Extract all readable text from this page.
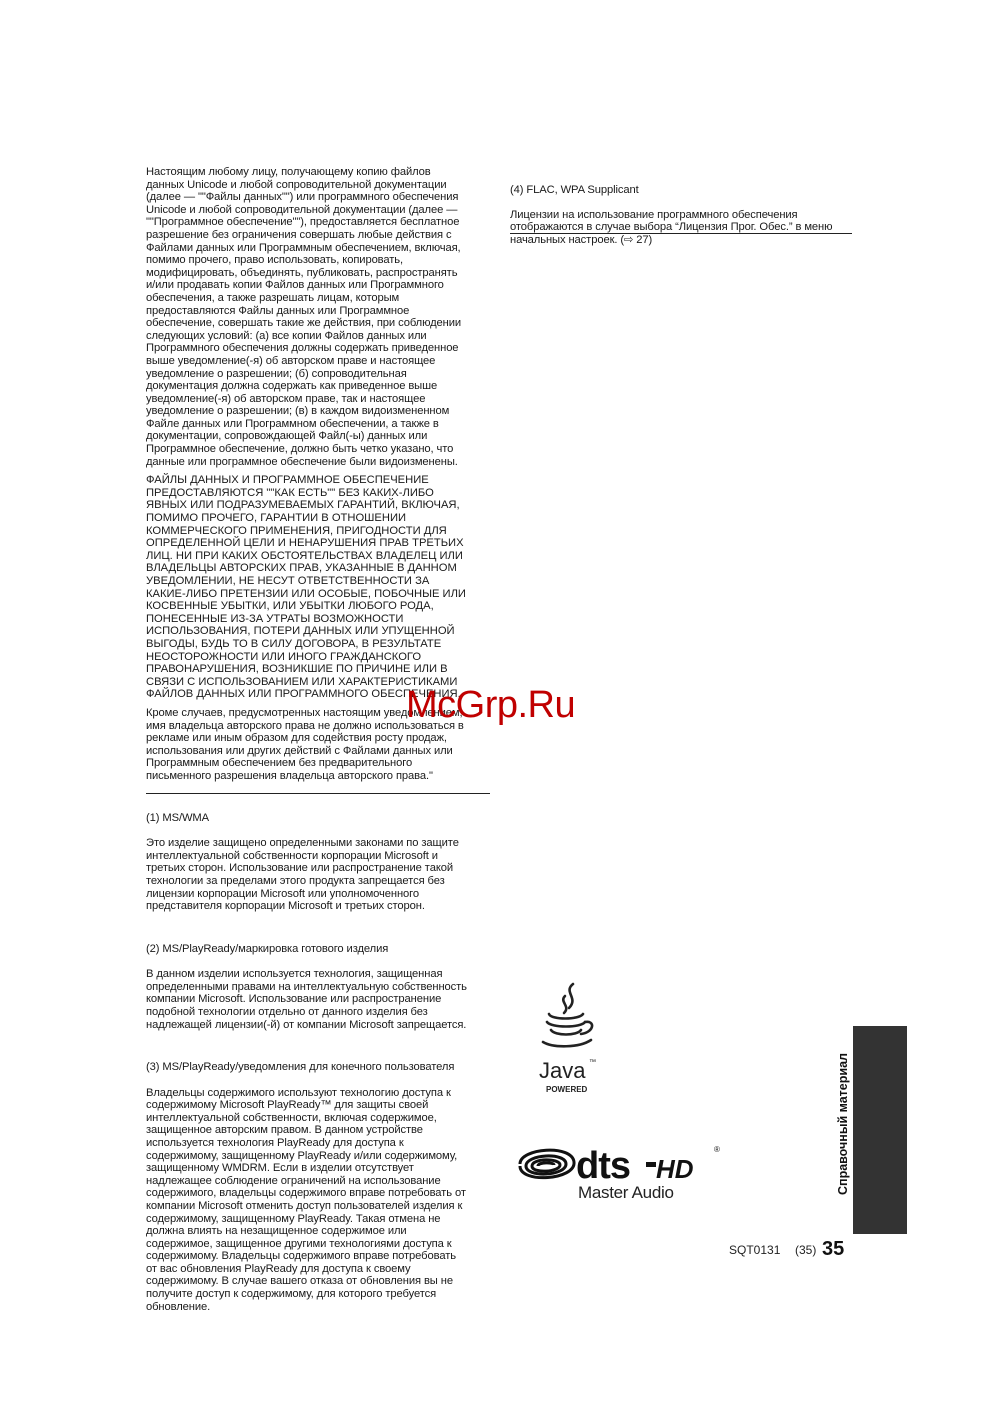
Настоящим любому лицу, получающему копию файлов
данных Unicode и любой сопроводительной документации
(далее — ""Файлы данных"") или программного обеспечения
Unicode и любой сопроводительной документации (далее —
""Программное обеспечение""), предоставляется бесплатное
разрешение без ограничения совершать любые действия с
Файлами данных или Программным обеспечением, включая,
помимо прочего, право использовать, копировать,
модифицировать, объединять, публиковать, распространять
и/или продавать копии Файлов данных или Программного
обеспечения, а также разрешать лицам, которым
предоставляются Файлы данных или Программное
обеспечение, совершать такие же действия, при соблюдении
следующих условий: (а) все копии Файлов данных или
Программного обеспечения должны содержать приведенное
выше уведомление(-я) об авторском праве и настоящее
уведомление о разрешении; (б) сопроводительная
документация должна содержать как приведенное выше
уведомление(-я) об авторском праве, так и настоящее
уведомление о разрешении; (в) в каждом видоизмененном
Файле данных или Программном обеспечении, а также в
документации, сопровождающей Файл(-ы) данных или
Программное обеспечение, должно быть четко указано, что
данные или программное обеспечение были видоизменены.

ФАЙЛЫ ДАННЫХ И ПРОГРАММНОЕ ОБЕСПЕЧЕНИЕ
ПРЕДОСТАВЛЯЮТСЯ ""КАК ЕСТЬ"" БЕЗ КАКИХ-ЛИБО
ЯВНЫХ ИЛИ ПОДРАЗУМЕВАЕМЫХ ГАРАНТИЙ, ВКЛЮЧАЯ,
ПОМИМО ПРОЧЕГО, ГАРАНТИИ В ОТНОШЕНИИ
КОММЕРЧЕСКОГО ПРИМЕНЕНИЯ, ПРИГОДНОСТИ ДЛЯ
ОПРЕДЕЛЕННОЙ ЦЕЛИ И НЕНАРУШЕНИЯ ПРАВ ТРЕТЬИХ
ЛИЦ. НИ ПРИ КАКИХ ОБСТОЯТЕЛЬСТВАХ ВЛАДЕЛЕЦ ИЛИ
ВЛАДЕЛЬЦЫ АВТОРСКИХ ПРАВ, УКАЗАННЫЕ В ДАННОМ
УВЕДОМЛЕНИИ, НЕ НЕСУТ ОТВЕТСТВЕННОСТИ ЗА
КАКИЕ-ЛИБО ПРЕТЕНЗИИ ИЛИ ОСОБЫЕ, ПОБОЧНЫЕ ИЛИ
КОСВЕННЫЕ УБЫТКИ, ИЛИ УБЫТКИ ЛЮБОГО РОДА,
ПОНЕСЕННЫЕ ИЗ-ЗА УТРАТЫ ВОЗМОЖНОСТИ
ИСПОЛЬЗОВАНИЯ, ПОТЕРИ ДАННЫХ ИЛИ УПУЩЕННОЙ
ВЫГОДЫ, БУДЬ ТО В СИЛУ ДОГОВОРА, В РЕЗУЛЬТАТЕ
НЕОСТОРОЖНОСТИ ИЛИ ИНОГО ГРАЖДАНСКОГО
ПРАВОНАРУШЕНИЯ, ВОЗНИКШИЕ ПО ПРИЧИНЕ ИЛИ В
СВЯЗИ С ИСПОЛЬЗОВАНИЕМ ИЛИ ХАРАКТЕРИСТИКАМИ
ФАЙЛОВ ДАННЫХ ИЛИ ПРОГРАММНОГО ОБЕСПЕЧЕНИЯ.

Кроме случаев, предусмотренных настоящим уведомлением,
имя владельца авторского права не должно использоваться в
рекламе или иным образом для содействия росту продаж,
использования или других действий с Файлами данных или
Программным обеспечением без предварительного
письменного разрешения владельца авторского права."

(1) MS/WMA

Это изделие защищено определенными законами по защите
интеллектуальной собственности корпорации Microsoft и
третьих сторон. Использование или распространение такой
технологии за пределами этого продукта запрещается без
лицензии корпорации Microsoft или уполномоченного
представителя корпорации Microsoft и третьих сторон.

(2) MS/PlayReady/маркировка готового изделия

В данном изделии используется технология, защищенная
определенными правами на интеллектуальную собственность
компании Microsoft. Использование или распространение
подобной технологии отдельно от данного изделия без
надлежащей лицензии(-й) от компании Microsoft запрещается.

(3) MS/PlayReady/уведомления для конечного пользователя

Владельцы содержимого используют технологию доступа к
содержимому Microsoft PlayReady™ для защиты своей
интеллектуальной собственности, включая содержимое,
защищенное авторским правом. В данном устройстве
используется технология PlayReady для доступа к
содержимому, защищенному PlayReady и/или содержимому,
защищенному WMDRM. Если в изделии отсутствует
надлежащее соблюдение ограничений на использование
содержимого, владельцы содержимого вправе потребовать от
компании Microsoft отменить доступ пользователей изделия к
содержимому, защищенному PlayReady. Такая отмена не
должна влиять на незащищенное содержимое или
содержимое, защищенное другими технологиями доступа к
содержимому. Владельцы содержимого вправе потребовать
от вас обновления PlayReady для доступа к своему
содержимому. В случае вашего отказа от обновления вы не
получите доступ к содержимому, для которого требуется
обновление.

(4) FLAC, WPA Supplicant

Лицензии на использование программного обеспечения
отображаются в случае выбора “Лицензия Прог. Обес.” в меню
начальных настроек. (⇨ 27)

McGrp.Ru
Java ™
POWERED
dts HD
®
Master Audio	Справочный материал
SQT0131 (35) 35
